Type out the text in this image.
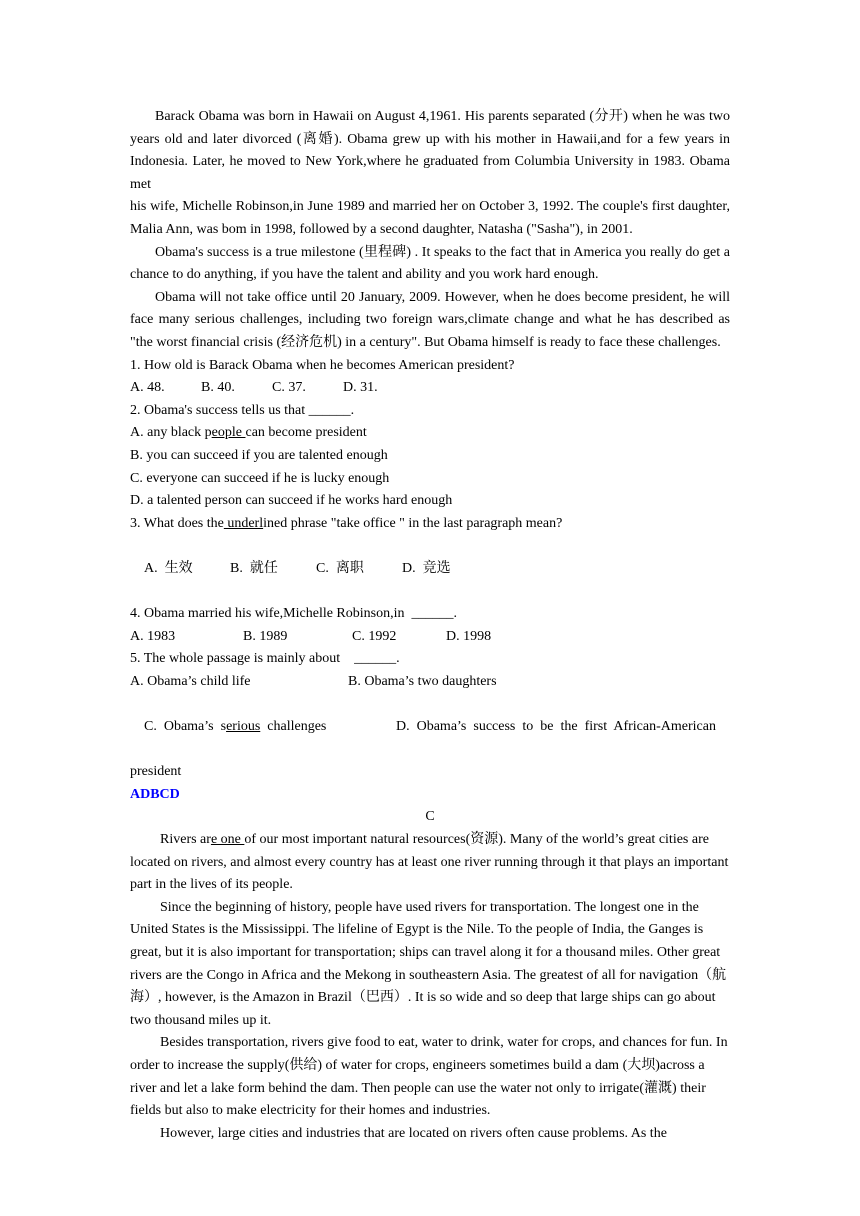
Barack Obama was born in Hawaii on August 4,1961. His parents separated (分开) when he was two years old and later divorced (离婚). Obama grew up with his mother in Hawaii,and for a few years in Indonesia. Later, he moved to New York,where he graduated from Columbia University in 1983. Obama met

his wife, Michelle Robinson,in June 1989 and married her on October 3, 1992. The couple's first daughter, Malia Ann, was bom in 1998, followed by a second daughter, Natasha ("Sasha"), in 2001.

Obama's success is a true milestone (里程碑) . It speaks to the fact that in America you really do get a chance to do anything, if you have the talent and ability and you work hard enough.

Obama will not take office until 20 January, 2009. However, when he does become president, he will face many serious challenges, including two foreign wars,climate change and what he has described as "the worst financial crisis (经济危机) in a century". But Obama himself is ready to face these challenges.

1. How old is Barack Obama when he becomes American president?

A. 48.	B. 40.	C. 37.	D. 31.

2. Obama's success tells us that ______.

A. any black people can become president

B. you can succeed if you are talented enough

C. everyone can succeed if he is lucky enough

D. a talented person can succeed if he works hard enough

3. What does the underlined phrase "take office " in the last paragraph mean?

A.  生效	B.  就任	C.  离职	D.  竞选

4. Obama married his wife,Michelle Robinson,in  ______.

A. 1983	B. 1989	C. 1992	D. 1998

5. The whole passage is mainly about    ______.

A. Obama’s child life	B. Obama’s two daughters

C.  Obama’s  serious  challenges	D.  Obama’s  success  to  be  the  first  African-American

president

ADBCD

C

Rivers are one of our most important natural resources(资源). Many of the world’s great cities are located on rivers, and almost every country has at least one river running through it that plays an important part in the lives of its people.

Since the beginning of history, people have used rivers for transportation. The longest one in the United States is the Mississippi. The lifeline of Egypt is the Nile. To the people of India, the Ganges is great, but it is also important for transportation; ships can travel along it for a thousand miles. Other great rivers are the Congo in Africa and the Mekong in southeastern Asia. The greatest of all for navigation（航海）, however, is the Amazon in Brazil（巴西）. It is so wide and so deep that large ships can go about two thousand miles up it.

Besides transportation, rivers give food to eat, water to drink, water for crops, and chances for fun. In order to increase the supply(供给) of water for crops, engineers sometimes build a dam (大坝)across a river and let a lake form behind the dam. Then people can use the water not only to irrigate(灌溉) their fields but also to make electricity for their homes and industries.

However, large cities and industries that are located on rivers often cause problems. As the
